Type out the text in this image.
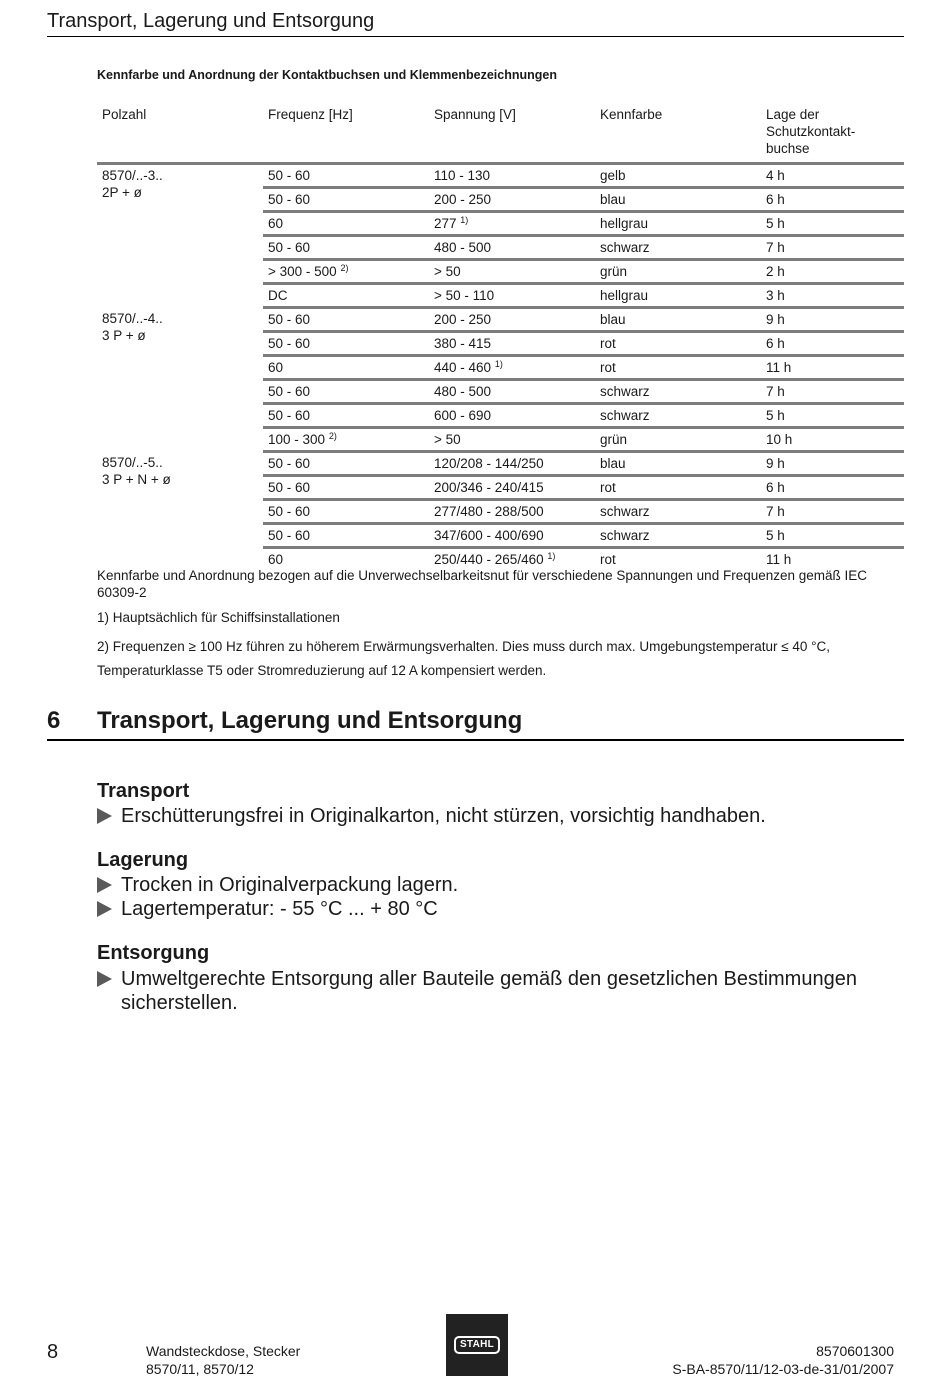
Transport, Lagerung und Entsorgung
Kennfarbe und Anordnung der Kontaktbuchsen und Klemmenbezeichnungen
Polzahl	Frequenz [Hz]	Spannung [V]	Kennfarbe	Lage der Schutzkontakt-
buchse
8570/..-3..
2P + ø	50 - 60	110 - 130	gelb	4 h
	50 - 60	200 - 250	blau	6 h
	60	277 $^{1)}$	hellgrau	5 h
	50 - 60	480 - 500	schwarz	7 h
	> 300 - 500 $^{2)}$	> 50	grün	2 h
	DC	> 50 - 110	hellgrau	3 h
8570/..-4..
3 P + ø	50 - 60	200 - 250	blau	9 h
	50 - 60	380 - 415	rot	6 h
	60	440 - 460 $^{1)}$	rot	11 h
	50 - 60	480 - 500	schwarz	7 h
	50 - 60	600 - 690	schwarz	5 h
	100 - 300 $^{2)}$	> 50	grün	10 h
8570/..-5..
3 P + N + ø	50 - 60	120/208 - 144/250	blau	9 h
	50 - 60	200/346 - 240/415	rot	6 h
	50 - 60	277/480 - 288/500	schwarz	7 h
	50 - 60	347/600 - 400/690	schwarz	5 h
	60	250/440 - 265/460 $^{1)}$	rot	11 h
Kennfarbe und Anordnung bezogen auf die Unverwechselbarkeitsnut für verschiedene Spannungen und Frequenzen gemäß IEC 60309-2
1) Hauptsächlich für Schiffsinstallationen
2) Frequenzen ≥ 100 Hz führen zu höherem Erwärmungsverhalten. Dies muss durch max. Umgebungstemperatur ≤ 40 °C,
Temperaturklasse T5 oder Stromreduzierung auf 12 A kompensiert werden.
6 Transport, Lagerung und Entsorgung
Transport
Erschütterungsfrei in Originalkarton, nicht stürzen, vorsichtig handhaben.
Lagerung
Trocken in Originalverpackung lagern.
Lagertemperatur: - 55 °C ... + 80 °C
Entsorgung
Umweltgerechte Entsorgung aller Bauteile gemäß den gesetzlichen Bestimmungen sicherstellen.
8	Wandsteckdose, Stecker
8570/11, 8570/12
STAHL	8570601300
S-BA-8570/11/12-03-de-31/01/2007
